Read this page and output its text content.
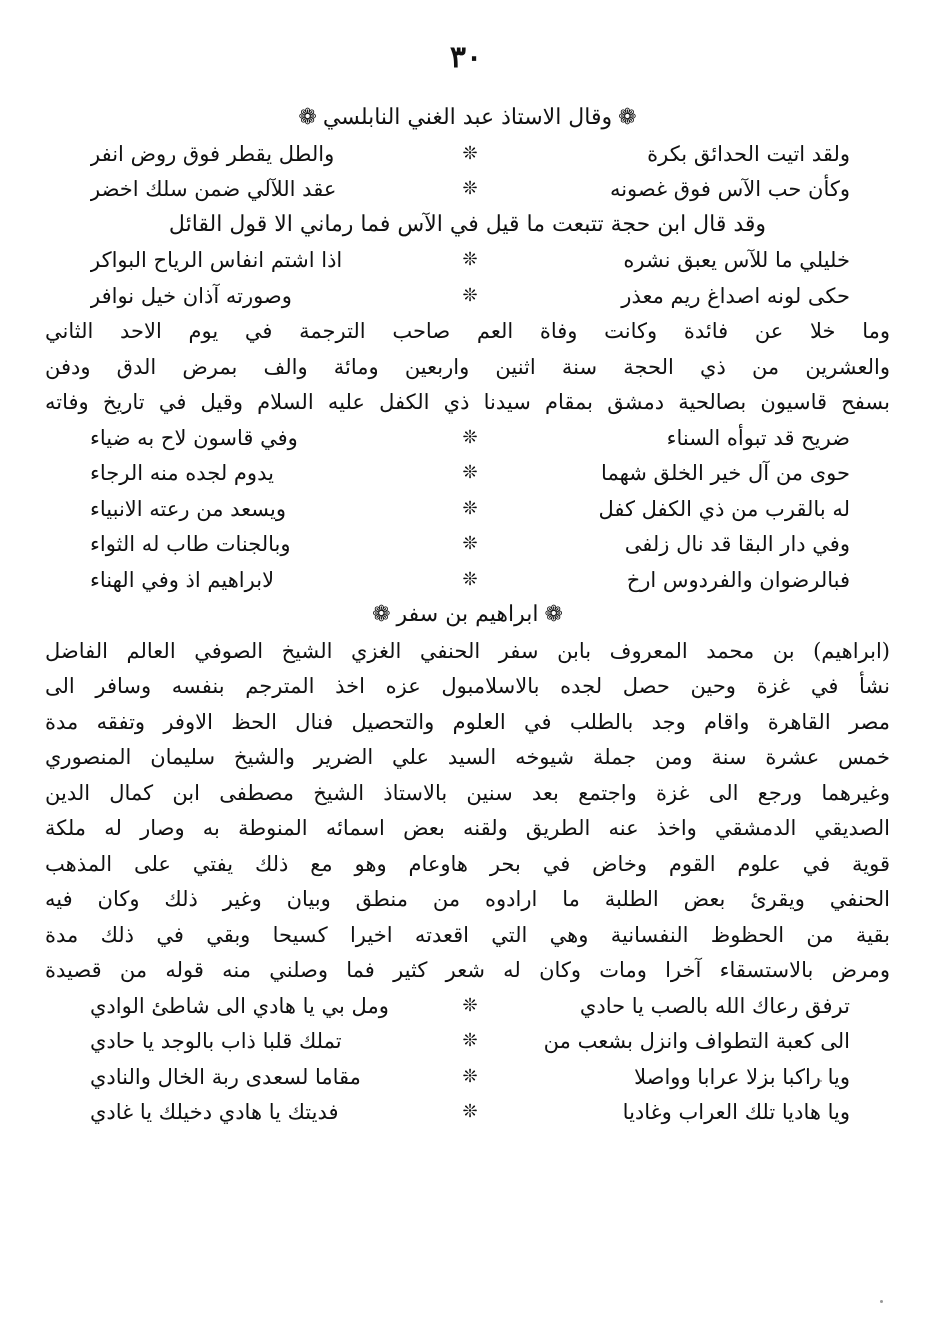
٣٠
❁وقال الاستاذ عبد الغني النابلسي❁
ولقد اتيت الحدائق بكرة
❊
والطل يقطر فوق روض انفر
وكأن حب الآس فوق غصونه
❊
عقد اللآلي ضمن سلك اخضر
وقد قال ابن حجة تتبعت ما قيل في الآس فما رماني الا قول القائل
خليلي ما للآس يعبق نشره
❊
اذا اشتم انفاس الرياح البواكر
حكى لونه اصداغ ريم معذر
❊
وصورته آذان خيل نوافر
وما خلا عن فائدة وكانت وفاة العم صاحب الترجمة في يوم الاحد الثاني
والعشرين من ذي الحجة سنة اثنين واربعين ومائة والف بمرض الدق ودفن
بسفح قاسيون بصالحية دمشق بمقام سيدنا ذي الكفل عليه السلام وقيل في تاريخ وفاته
ضريح قد تبوأه السناء
❊
وفي قاسون لاح به ضياء
حوى من آل خير الخلق شهما
❊
يدوم لجده منه الرجاء
له بالقرب من ذي الكفل كفل
❊
ويسعد من رعته الانبياء
وفي دار البقا قد نال زلفى
❊
وبالجنات طاب له الثواء
فبالرضوان والفردوس ارخ
❊
لابراهيم اذ وفي الهناء
❁ابراهيم بن سفر❁
(ابراهيم) بن محمد المعروف بابن سفر الحنفي الغزي الشيخ الصوفي العالم الفاضل
نشأ في غزة وحين حصل لجده بالاسلامبول عزه اخذ المترجم بنفسه وسافر الى
مصر القاهرة واقام وجد بالطلب في العلوم والتحصيل فنال الحظ الاوفر وتفقه مدة
خمس عشرة سنة ومن جملة شيوخه السيد علي الضرير والشيخ سليمان المنصوري
وغيرهما ورجع الى غزة واجتمع بعد سنين بالاستاذ الشيخ مصطفى ابن كمال الدين
الصديقي الدمشقي واخذ عنه الطريق ولقنه بعض اسمائه المنوطة به وصار له ملكة
قوية في علوم القوم وخاض في بحر هاوعام وهو مع ذلك يفتي على المذهب
الحنفي ويقرئ بعض الطلبة ما ارادوه من منطق وبيان وغير ذلك وكان فيه
بقية من الحظوظ النفسانية وهي التي اقعدته اخيرا كسيحا وبقي في ذلك مدة
ومرض بالاستسقاء آخرا ومات وكان له شعر كثير فما وصلني منه قوله من قصيدة
ترفق رعاك الله بالصب يا حادي
❊
ومل بي يا هادي الى شاطئ الوادي
الى كعبة التطواف وانزل بشعب من
❊
تملك قلبا ذاب بالوجد يا حادي
ويا راكبا بزلا عرابا وواصلا
❊
مقاما لسعدى ربة الخال والنادي
ويا هاديا تلك العراب وغاديا
❊
فديتك يا هادي دخيلك يا غادي
